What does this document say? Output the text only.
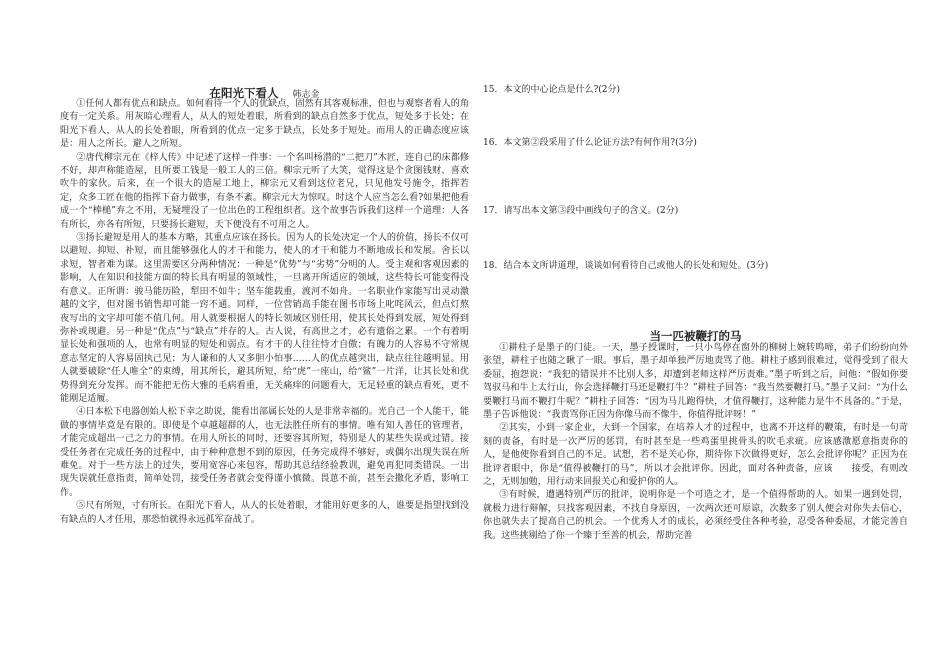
在阳光下看人 韩志金

①任何人都有优点和缺点。如何看待一个人的优缺点，固然有其客观标准，但也与观察者看人的角度有一定关系。用灰暗心理看人，从人的短处着眼，所看到的缺点自然多于优点，短处多于长处；在阳光下看人，从人的长处着眼，所看到的优点一定多于缺点，长处多于短处。而用人的正确态度应该是：用人之所长。避人之所短。

②唐代柳宗元在《梓人传》中记述了这样一件事：一个名叫杨潜的“二把刀”木匠，连自己的床都修不好，却声称能造屋，且所要工钱是一般工人的三倍。柳宗元听了大笑，觉得这是个贪图钱财、喜欢吹牛的家伙。后来，在一个很大的造屋工地上，柳宗元又看到这位老兄，只见他发号施令，指挥若定，众多工匠在他的指挥下奋力做事，有条不紊。柳宗元大为惊叹。时这个人应当怎么看?如果把他看成一个“棒槌”弃之不用，无疑埋没了一位出色的工程组织者。这个故事告诉我们这样一个道理：人各有所长，亦各有所短，只要扬长避短，天下便没有不可用之人。

③扬长避短是用人的基本方略，其重点应该在扬长。因为人的长处决定一个人的价值，扬长不仅可以避短、抑短、补短，而且能够强化人的才干和能力，使人的才干和能力不断地成长和发展。舍长以求短，智者难为谋。这里需要区分两种情况：一种是“优势”与“劣势”分明的人。受主观和客观因素的影响，人在知识和技能方面的特长具有明显的领域性，一旦离开所适应的领域，这些特长可能变得没有意义。正所谓：骏马能历险，犁田不如牛；坚车能载重，渡河不如舟。一名职业作家能写出灵动激越的文字，但对图书销售却可能一窍不通。同样，一位营销高手能在图书市场上叱咤风云，但点灯熬夜写出的文字却可能不值几何。用人就要根据人的特长领域区别任用，使其长处得到发展，短处得到弥补或规避。另一种是“优点”与“缺点”并存的人。古人说，有高世之才，必有遗俗之累。一个有着明显长处和强项的人，也常有明显的短处和弱点。有才干的人往往恃才自傲；有魄力的人容易不守常规意志坚定的人容易固执己见；为人谦和的人又多胆小怕事……人的优点越突出，缺点往往越明显。用人就要破除“任人唯全”的束缚，用其所长，避其所短，给“虎”一座山，给“鲨”一片洋，让其长处和优势得到充分发挥。而不能把无伤大雅的毛病看重，无关痛痒的问题看大，无足轻重的缺点看死，更不能刚足适履。

④日本松下电器创始人松下幸之助说，能看出部属长处的人是非常幸福的。光自己一个人能干，能做的事情毕竟是有限的。即使是个卓越超群的人，也无法胜任所有的事情。唯有知人善任的管理者，才能完成超出一己之力的事情。在用人所长的同时，还要容其所短，特别是人的某些失误或过错。接受任务者在完成任务的过程中，由于种种意想不到的原因，任务完成得不够好，或偶尔出现失误在所难免。对于一些方法上的过失，要用宽容心来包容，帮助其总结经验教训，避免再犯同类错误。一出现失误就任意指责，简单处罚，接受任务者就会变得谨小慎微。畏葸不前，甚至会撒化矛盾，影响工作。

⑤尺有所短，寸有所长。在阳光下看人，从人的长处着眼，才能用好更多的人，谁要是指望找到没有缺点的人才任用，那恐怕就得永远孤军奋战了。

15．本文的中心论点是什么?(2分)

16．本文第②段采用了什么论证方法?有何作用?(3分)

17．请写出本文第③段中画线句子的含义。(2分)

18．结合本文所讲道理，谈谈如何看待自己或他人的长处和短处。(3分)

当一匹被鞭打的马

①耕柱子是墨子的门徒。一天，墨子授课时，一只小鸟停在窗外的柳树上婉转鸣啼，弟子们纷纷向外张望，耕柱子也随之瞅了一眼。事后，墨子却单独严厉地责骂了他。耕柱子感到很难过，觉得受到了很大委屈，抱怨说：“我犯的错误并不比别人多，却遭到老师这样严厉责难。”墨子听到之后，问他：“假如你要驾驭马和牛上太行山，你会选择鞭打马还是鞭打牛？”耕柱子回答：“我当然要鞭打马。”墨子又问：“为什么要鞭打马而不鞭打牛呢？”耕柱子回答：“因为马儿跑得快，才值得鞭打，这种能力是牛不具备的。”于是，墨子告诉他说：“我责骂你正因为你像马而不像牛，你值得批评呀！”

②其实，小到一家企业，大到一个国家，在培养人才的过程中，也离不开这样的鞭策，有时是一句苛刻的责备，有时是一次严厉的惩罚，有时甚至是一些鸡蛋里挑骨头的吹毛求疵。应该感激愿意指责你的人，是他使你看到自己的不足。试想，若不是关心你，期待你下次做得更好，怎么会批评你呢？正因为在批评者眼中，你是“值得被鞭打的马”，所以才会批评你。因此，面对各种责备，应该　　接受，有则改之，无则加勉，用行动来回报关心和爱护你的人。

③有时候，遭遇特别严厉的批评，说明你是一个可造之才，是一个值得帮助的人。如果一遇到处罚，就极力进行辩解，只找客观因素，不找自身原因，一次两次还可原谅，次数多了别人便会对你失去信心，你也就失去了提高自己的机会。一个优秀人才的成长，必须经受住各种考验，忍受各种委屈，才能完善自我。这些挑剔给了你一个臻于至善的机会，帮助完善
